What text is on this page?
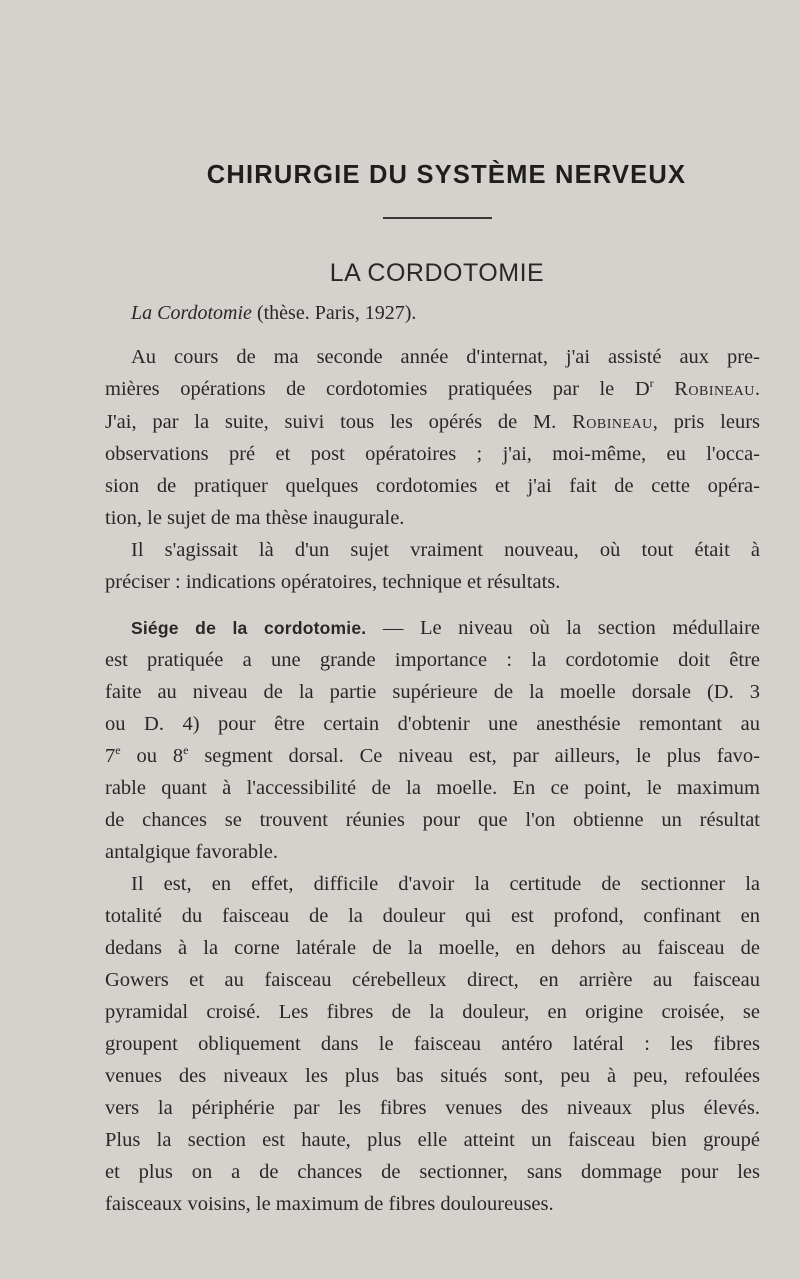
CHIRURGIE DU SYSTÈME NERVEUX
LA CORDOTOMIE
La Cordotomie (thèse. Paris, 1927).
Au cours de ma seconde année d'internat, j'ai assisté aux pre-
mières opérations de cordotomies pratiquées par le $D^r$ Robineau.
J'ai, par la suite, suivi tous les opérés de M. Robineau, pris leurs
observations pré et post opératoires ; j'ai, moi-même, eu l'occa-
sion de pratiquer quelques cordotomies et j'ai fait de cette opéra-
tion, le sujet de ma thèse inaugurale.
Il s'agissait là d'un sujet vraiment nouveau, où tout était à
préciser : indications opératoires, technique et résultats.
Siége de la cordotomie. — Le niveau où la section médullaire
est pratiquée a une grande importance : la cordotomie doit être
faite au niveau de la partie supérieure de la moelle dorsale (D. 3
ou D. 4) pour être certain d'obtenir une anesthésie remontant au
7e ou 8e segment dorsal. Ce niveau est, par ailleurs, le plus favo-
rable quant à l'accessibilité de la moelle. En ce point, le maximum
de chances se trouvent réunies pour que l'on obtienne un résultat
antalgique favorable.
Il est, en effet, difficile d'avoir la certitude de sectionner la
totalité du faisceau de la douleur qui est profond, confinant en
dedans à la corne latérale de la moelle, en dehors au faisceau de
Gowers et au faisceau cérebelleux direct, en arrière au faisceau
pyramidal croisé. Les fibres de la douleur, en origine croisée, se
groupent obliquement dans le faisceau antéro latéral : les fibres
venues des niveaux les plus bas situés sont, peu à peu, refoulées
vers la périphérie par les fibres venues des niveaux plus élevés.
Plus la section est haute, plus elle atteint un faisceau bien groupé
et plus on a de chances de sectionner, sans dommage pour les
faisceaux voisins, le maximum de fibres douloureuses.
